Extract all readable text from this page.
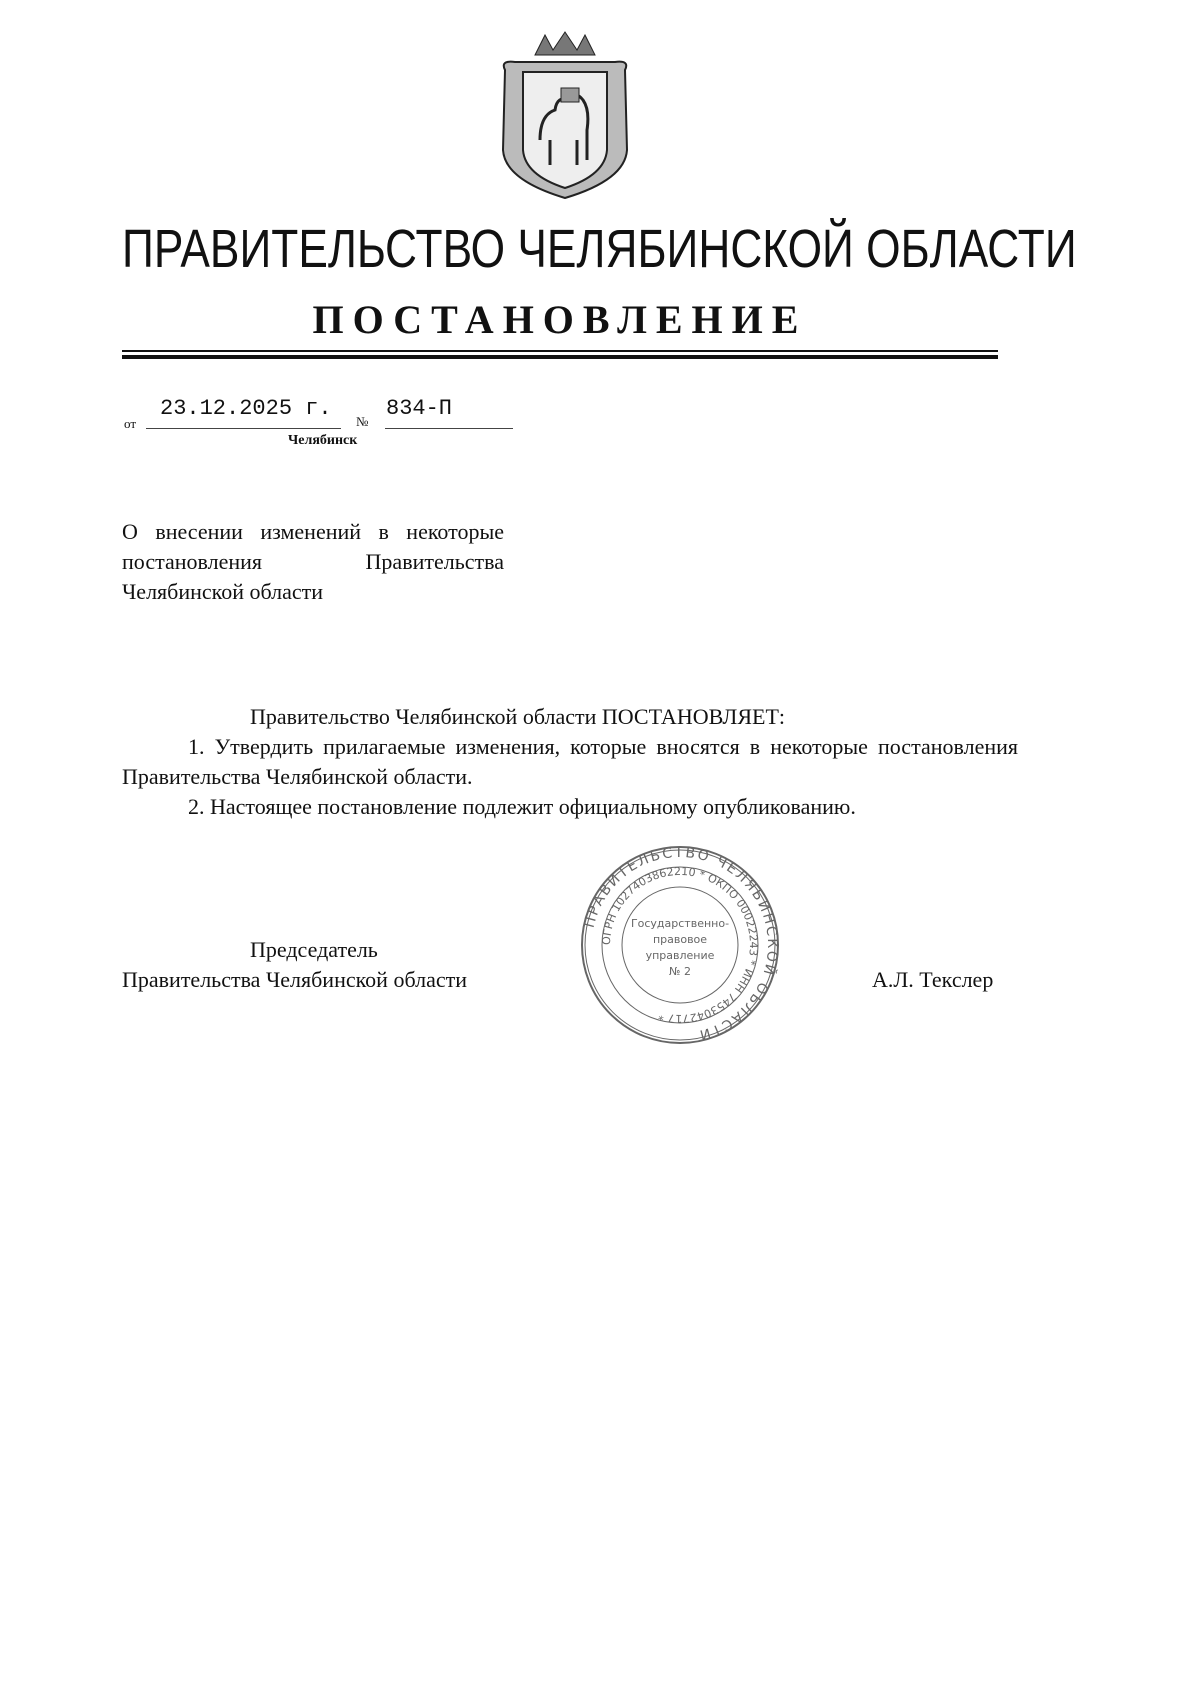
ПРАВИТЕЛЬСТВО ЧЕЛЯБИНСКОЙ ОБЛАСТИ
ПОСТАНОВЛЕНИЕ
от
23.12.2025 г.
№
834-П
Челябинск
О внесении изменений в некоторые постановления Правительства Челябинской области
Правительство Челябинской области ПОСТАНОВЛЯЕТ:
1. Утвердить прилагаемые изменения, которые вносятся в некоторые постановления Правительства Челябинской области.
2. Настоящее постановление подлежит официальному опубликованию.
Председатель
Правительства Челябинской области	А.Л. Текслер
ПРАВИТЕЛЬСТВО ЧЕЛЯБИНСКОЙ ОБЛАСТИ
ОГРН 1027403862210 * ОКПО 00022243 * ИНН 7453042717 *
Государственно-
правовое
управление
№ 2
